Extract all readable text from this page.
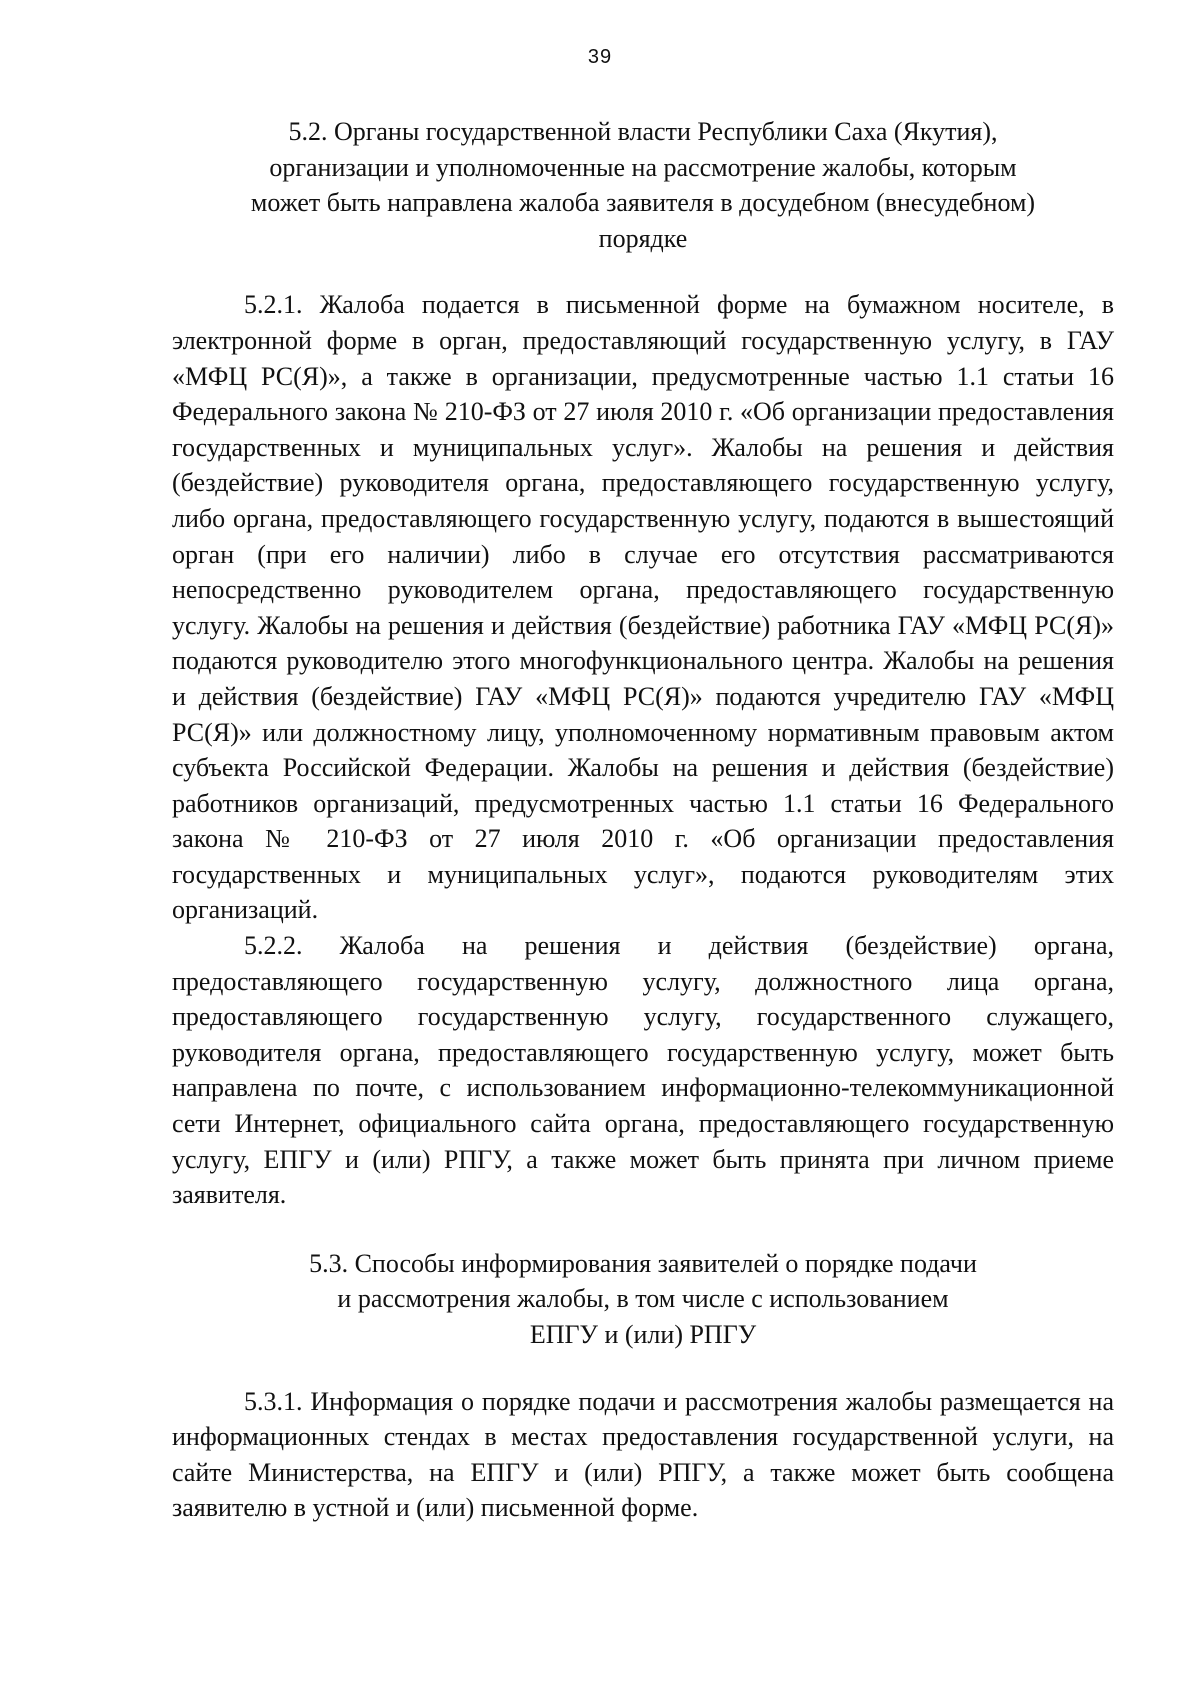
39
5.2. Органы государственной власти Республики Саха (Якутия),
организации и уполномоченные на рассмотрение жалобы, которым
может быть направлена жалоба заявителя в досудебном (внесудебном)
порядке

5.2.1. Жалоба подается в письменной форме на бумажном носителе, в электронной форме в орган, предоставляющий государственную услугу, в ГАУ «МФЦ РС(Я)», а также в организации, предусмотренные частью 1.1 статьи 16 Федерального закона № 210-ФЗ от 27 июля 2010 г. «Об организации предоставления государственных и муниципальных услуг». Жалобы на решения и действия (бездействие) руководителя органа, предоставляющего государственную услугу, либо органа, предоставляющего государственную услугу, подаются в вышестоящий орган (при его наличии) либо в случае его отсутствия рассматриваются непосредственно руководителем органа, предоставляющего государственную услугу. Жалобы на решения и действия (бездействие) работника ГАУ «МФЦ РС(Я)» подаются руководителю этого многофункционального центра. Жалобы на решения и действия (бездействие) ГАУ «МФЦ РС(Я)» подаются учредителю ГАУ «МФЦ РС(Я)» или должностному лицу, уполномоченному нормативным правовым актом субъекта Российской Федерации. Жалобы на решения и действия (бездействие) работников организаций, предусмотренных частью 1.1 статьи 16 Федерального закона № 210-ФЗ от 27 июля 2010 г. «Об организации предоставления государственных и муниципальных услуг», подаются руководителям этих организаций.

5.2.2. Жалоба на решения и действия (бездействие) органа, предоставляющего государственную услугу, должностного лица органа, предоставляющего государственную услугу, государственного служащего, руководителя органа, предоставляющего государственную услугу, может быть направлена по почте, с использованием информационно-телекоммуникационной сети Интернет, официального сайта органа, предоставляющего государственную услугу, ЕПГУ и (или) РПГУ, а также может быть принята при личном приеме заявителя.

5.3. Способы информирования заявителей о порядке подачи
и рассмотрения жалобы, в том числе с использованием
ЕПГУ и (или) РПГУ

5.3.1. Информация о порядке подачи и рассмотрения жалобы размещается на информационных стендах в местах предоставления государственной услуги, на сайте Министерства, на ЕПГУ и (или) РПГУ, а также может быть сообщена заявителю в устной и (или) письменной форме.
